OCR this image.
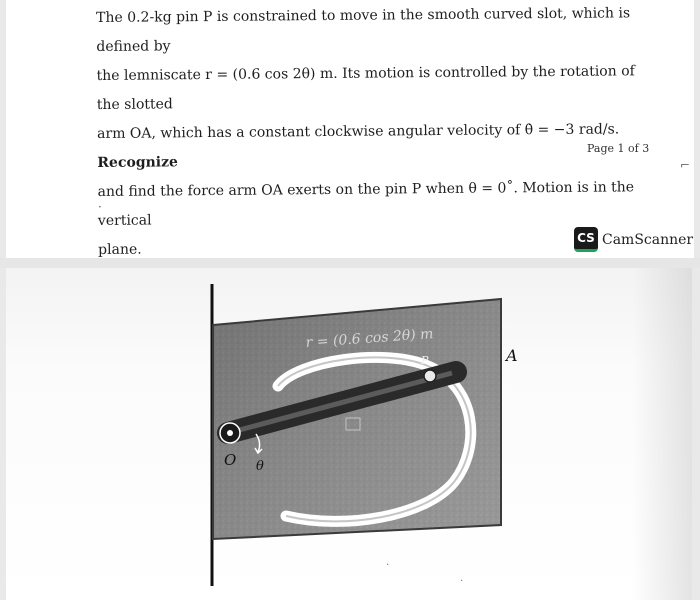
The 0.2-kg pin P is constrained to move in the smooth curved slot, which is defined by

the lemniscate r = (0.6 cos 2θ) m. Its motion is controlled by the rotation of the slotted

arm OA, which has a constant clockwise angular velocity of θ̇ = −3 rad/s. Recognize

and find the force arm OA exerts on the pin P when θ = 0˚. Motion is in the vertical

plane.

Page 1 of 3
·
⌐
CS CamScanner
r = (0.6 cos 2θ) m
A
O θ
P
·
·
